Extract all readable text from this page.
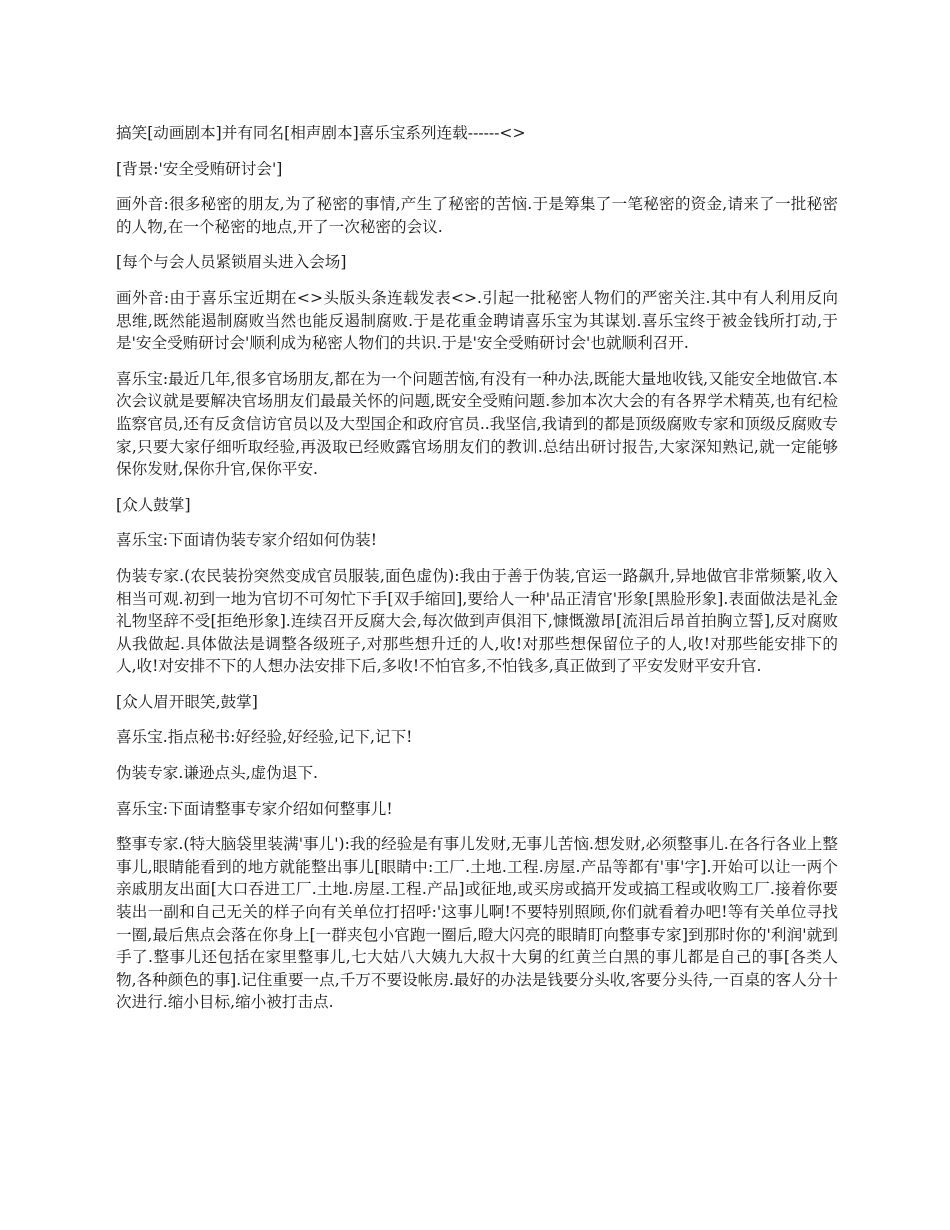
搞笑[动画剧本]并有同名[相声剧本]喜乐宝系列连载------<>

[背景:'安全受贿研讨会']

画外音:很多秘密的朋友,为了秘密的事情,产生了秘密的苦恼.于是筹集了一笔秘密的资金,请来了一批秘密的人物,在一个秘密的地点,开了一次秘密的会议.

[每个与会人员紧锁眉头进入会场]

画外音:由于喜乐宝近期在<>头版头条连载发表<>.引起一批秘密人物们的严密关注.其中有人利用反向思维,既然能遏制腐败当然也能反遏制腐败.于是花重金聘请喜乐宝为其谋划.喜乐宝终于被金钱所打动,于是'安全受贿研讨会'顺利成为秘密人物们的共识.于是'安全受贿研讨会'也就顺利召开.

喜乐宝:最近几年,很多官场朋友,都在为一个问题苦恼,有没有一种办法,既能大量地收钱,又能安全地做官.本次会议就是要解决官场朋友们最最关怀的问题,既安全受贿问题.参加本次大会的有各界学术精英,也有纪检监察官员,还有反贪信访官员以及大型国企和政府官员..我坚信,我请到的都是顶级腐败专家和顶级反腐败专家,只要大家仔细听取经验,再汲取已经败露官场朋友们的教训.总结出研讨报告,大家深知熟记,就一定能够保你发财,保你升官,保你平安.

[众人鼓掌]

喜乐宝:下面请伪装专家介绍如何伪装!

伪装专家.(农民装扮突然变成官员服装,面色虚伪):我由于善于伪装,官运一路飙升,异地做官非常频繁,收入相当可观.初到一地为官切不可匆忙下手[双手缩回],要给人一种'品正清官'形象[黑脸形象].表面做法是礼金礼物坚辞不受[拒绝形象].连续召开反腐大会,每次做到声俱泪下,慷慨激昂[流泪后昂首拍胸立誓],反对腐败从我做起.具体做法是调整各级班子,对那些想升迁的人,收!对那些想保留位子的人,收!对那些能安排下的人,收!对安排不下的人想办法安排下后,多收!不怕官多,不怕钱多,真正做到了平安发财平安升官.

[众人眉开眼笑,鼓掌]

喜乐宝.指点秘书:好经验,好经验,记下,记下!

伪装专家.谦逊点头,虚伪退下.

喜乐宝:下面请整事专家介绍如何整事儿!

整事专家.(特大脑袋里装满'事儿'):我的经验是有事儿发财,无事儿苦恼.想发财,必须整事儿.在各行各业上整事儿,眼睛能看到的地方就能整出事儿[眼睛中:工厂.土地.工程.房屋.产品等都有'事'字].开始可以让一两个亲戚朋友出面[大口吞进工厂.土地.房屋.工程.产品]或征地,或买房或搞开发或搞工程或收购工厂.接着你要装出一副和自己无关的样子向有关单位打招呼:'这事儿啊!不要特别照顾,你们就看着办吧!等有关单位寻找一圈,最后焦点会落在你身上[一群夹包小官跑一圈后,瞪大闪亮的眼睛盯向整事专家]到那时你的'利润'就到手了.整事儿还包括在家里整事儿,七大姑八大姨九大叔十大舅的红黄兰白黑的事儿都是自己的事[各类人物,各种颜色的事].记住重要一点,千万不要设帐房.最好的办法是钱要分头收,客要分头待,一百桌的客人分十次进行.缩小目标,缩小被打击点.
